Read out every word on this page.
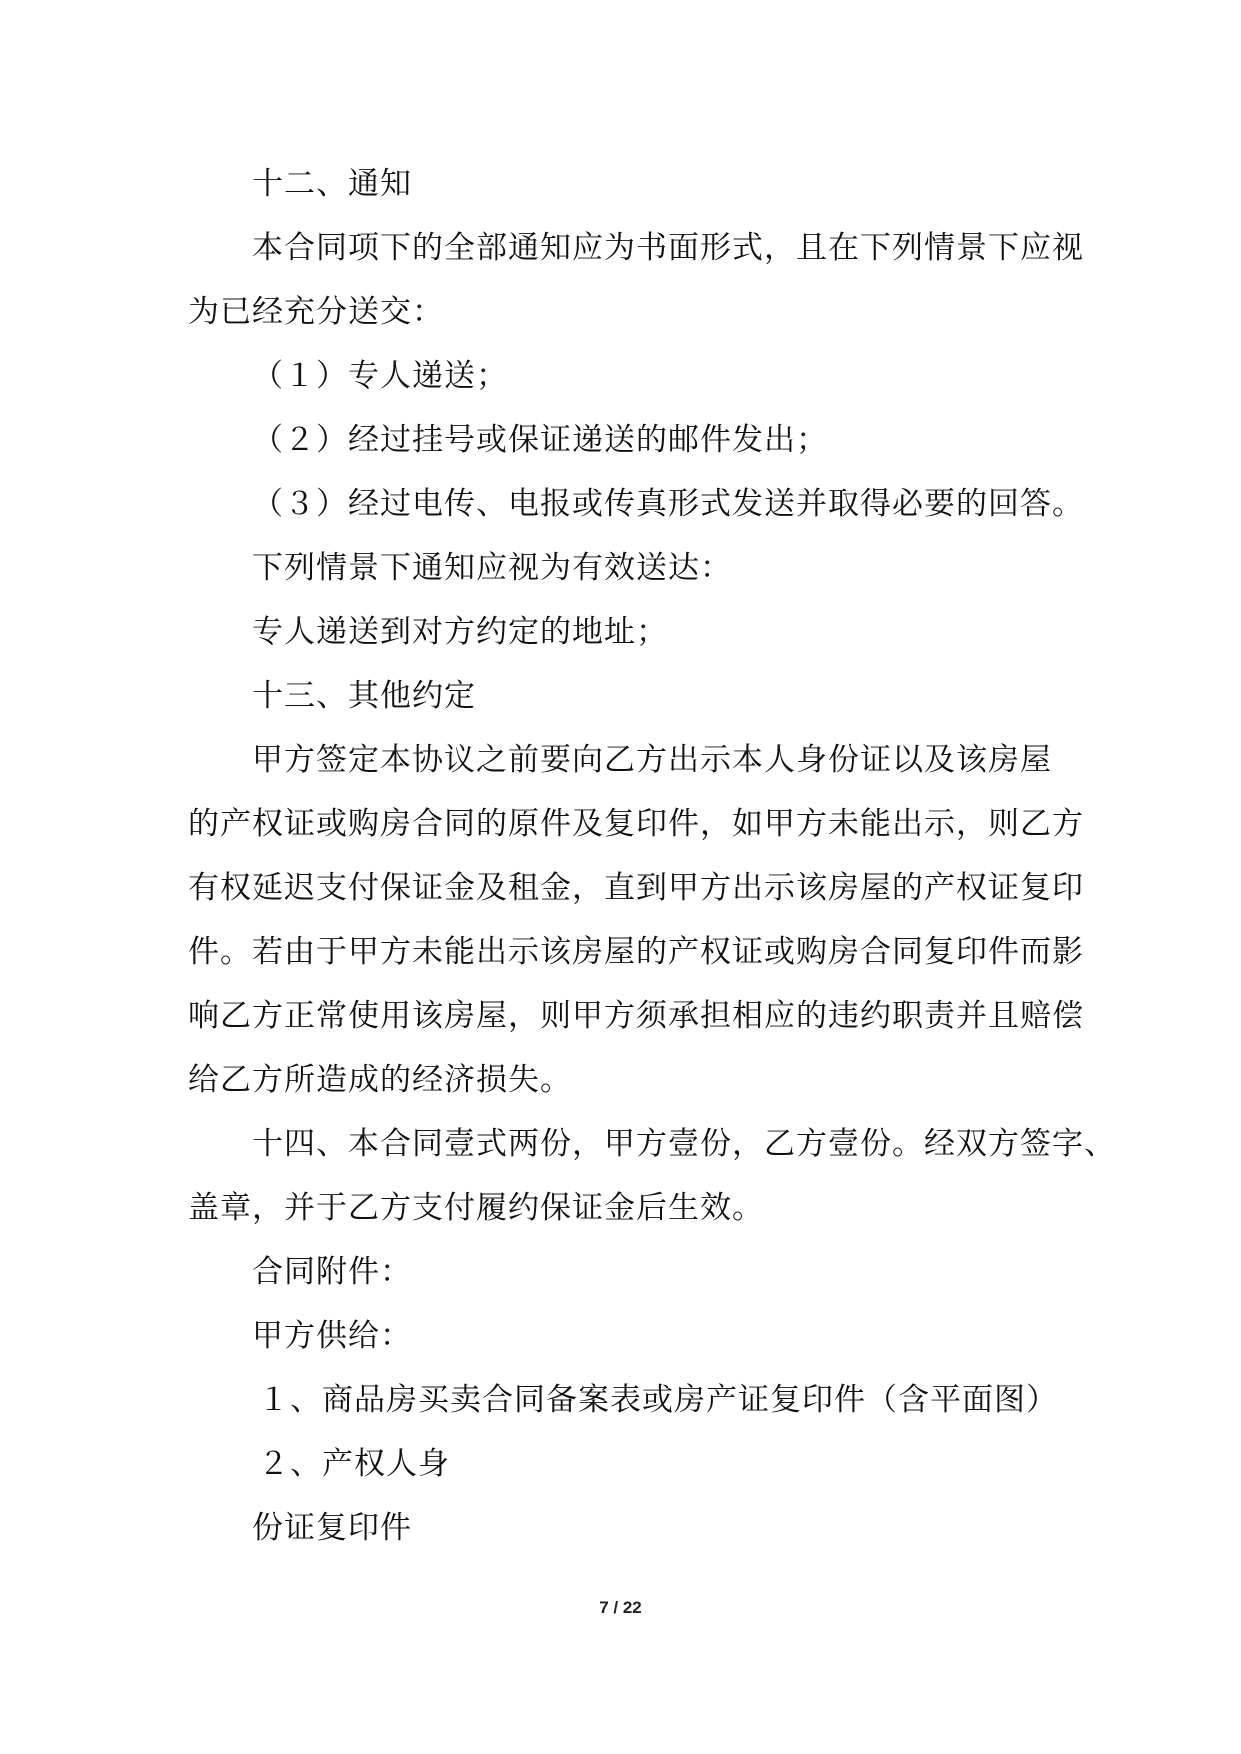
十二、通知
本合同项下的全部通知应为书面形式，且在下列情景下应视
为已经充分送交：
（１）专人递送；
（２）经过挂号或保证递送的邮件发出；
（３）经过电传、电报或传真形式发送并取得必要的回答。
下列情景下通知应视为有效送达：
专人递送到对方约定的地址；
十三、其他约定
甲方签定本协议之前要向乙方出示本人身份证以及该房屋
的产权证或购房合同的原件及复印件，如甲方未能出示，则乙方
有权延迟支付保证金及租金，直到甲方出示该房屋的产权证复印
件。若由于甲方未能出示该房屋的产权证或购房合同复印件而影
响乙方正常使用该房屋，则甲方须承担相应的违约职责并且赔偿
给乙方所造成的经济损失。
十四、本合同壹式两份，甲方壹份，乙方壹份。经双方签字、
盖章，并于乙方支付履约保证金后生效。
合同附件：
甲方供给：
１、商品房买卖合同备案表或房产证复印件（含平面图）
２、产权人身
份证复印件
7 / 22
